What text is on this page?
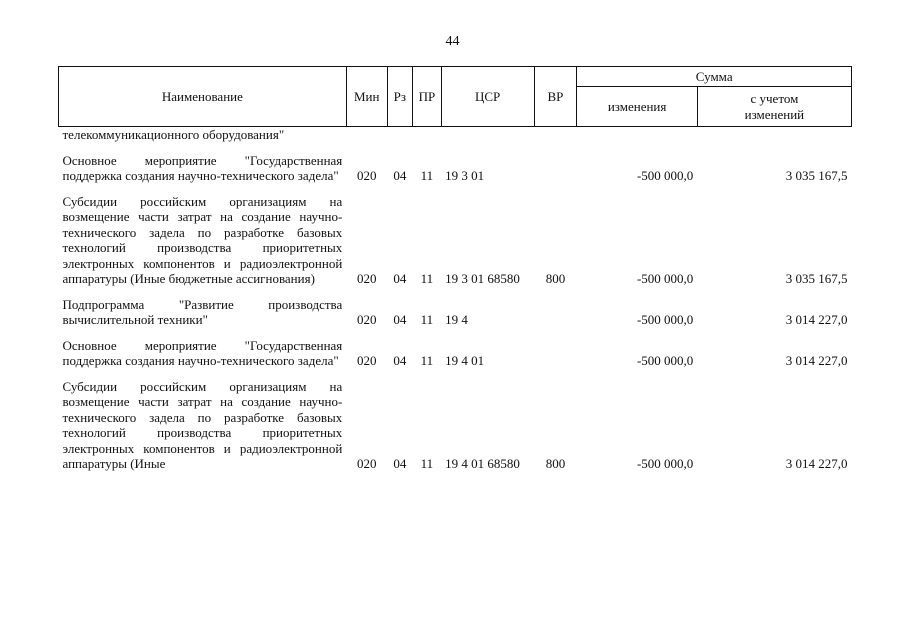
44
Наименование	Мин	Рз	ПР	ЦСР	ВР	Сумма	
						изменения	с учетом
изменений
телекоммуникационного оборудования"							

Основное мероприятие "Государственная поддержка создания научно-технического задела"	020	04	11	19 3 01		-500 000,0	3 035 167,5

Субсидии российским организациям на возмещение части затрат на создание научно-технического задела по разработке базовых технологий производства приоритетных электронных компонентов и радиоэлектронной аппаратуры (Иные бюджетные ассигнования)	020	04	11	19 3 01 68580	800	-500 000,0	3 035 167,5

Подпрограмма "Развитие производства вычислительной техники"	020	04	11	19 4		-500 000,0	3 014 227,0

Основное мероприятие "Государственная поддержка создания научно-технического задела"	020	04	11	19 4 01		-500 000,0	3 014 227,0

Субсидии российским организациям на возмещение части затрат на создание научно-технического задела по разработке базовых технологий производства приоритетных электронных компонентов и радиоэлектронной аппаратуры (Иные	020	04	11	19 4 01 68580	800	-500 000,0	3 014 227,0
